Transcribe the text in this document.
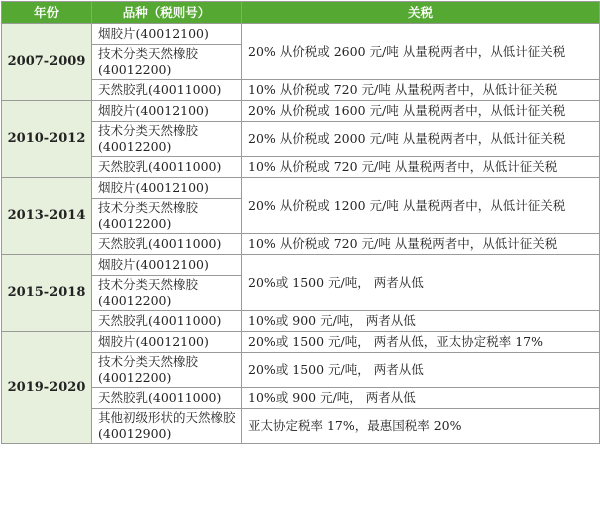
年份	品种（税则号）	关税
2007-2009	烟胶片(40012100)	20% 从价税或 2600 元/吨 从量税两者中，从低计征关税
	技术分类天然橡胶(40012200)	
	天然胶乳(40011000)	10% 从价税或 720 元/吨 从量税两者中，从低计征关税
2010-2012	烟胶片(40012100)	20% 从价税或 1600 元/吨 从量税两者中，从低计征关税
	技术分类天然橡胶(40012200)	20% 从价税或 2000 元/吨 从量税两者中，从低计征关税
	天然胶乳(40011000)	10% 从价税或 720 元/吨 从量税两者中，从低计征关税
2013-2014	烟胶片(40012100)	20% 从价税或 1200 元/吨 从量税两者中，从低计征关税
	技术分类天然橡胶(40012200)	
	天然胶乳(40011000)	10% 从价税或 720 元/吨 从量税两者中，从低计征关税
2015-2018	烟胶片(40012100)	20%或 1500 元/吨， 两者从低
	技术分类天然橡胶(40012200)	
	天然胶乳(40011000)	10%或 900 元/吨， 两者从低
2019-2020	烟胶片(40012100)	20%或 1500 元/吨， 两者从低，亚太协定税率 17%
	技术分类天然橡胶(40012200)	20%或 1500 元/吨， 两者从低
	天然胶乳(40011000)	10%或 900 元/吨， 两者从低
	其他初级形状的天然橡胶(40012900)	亚太协定税率 17%，最惠国税率 20%
